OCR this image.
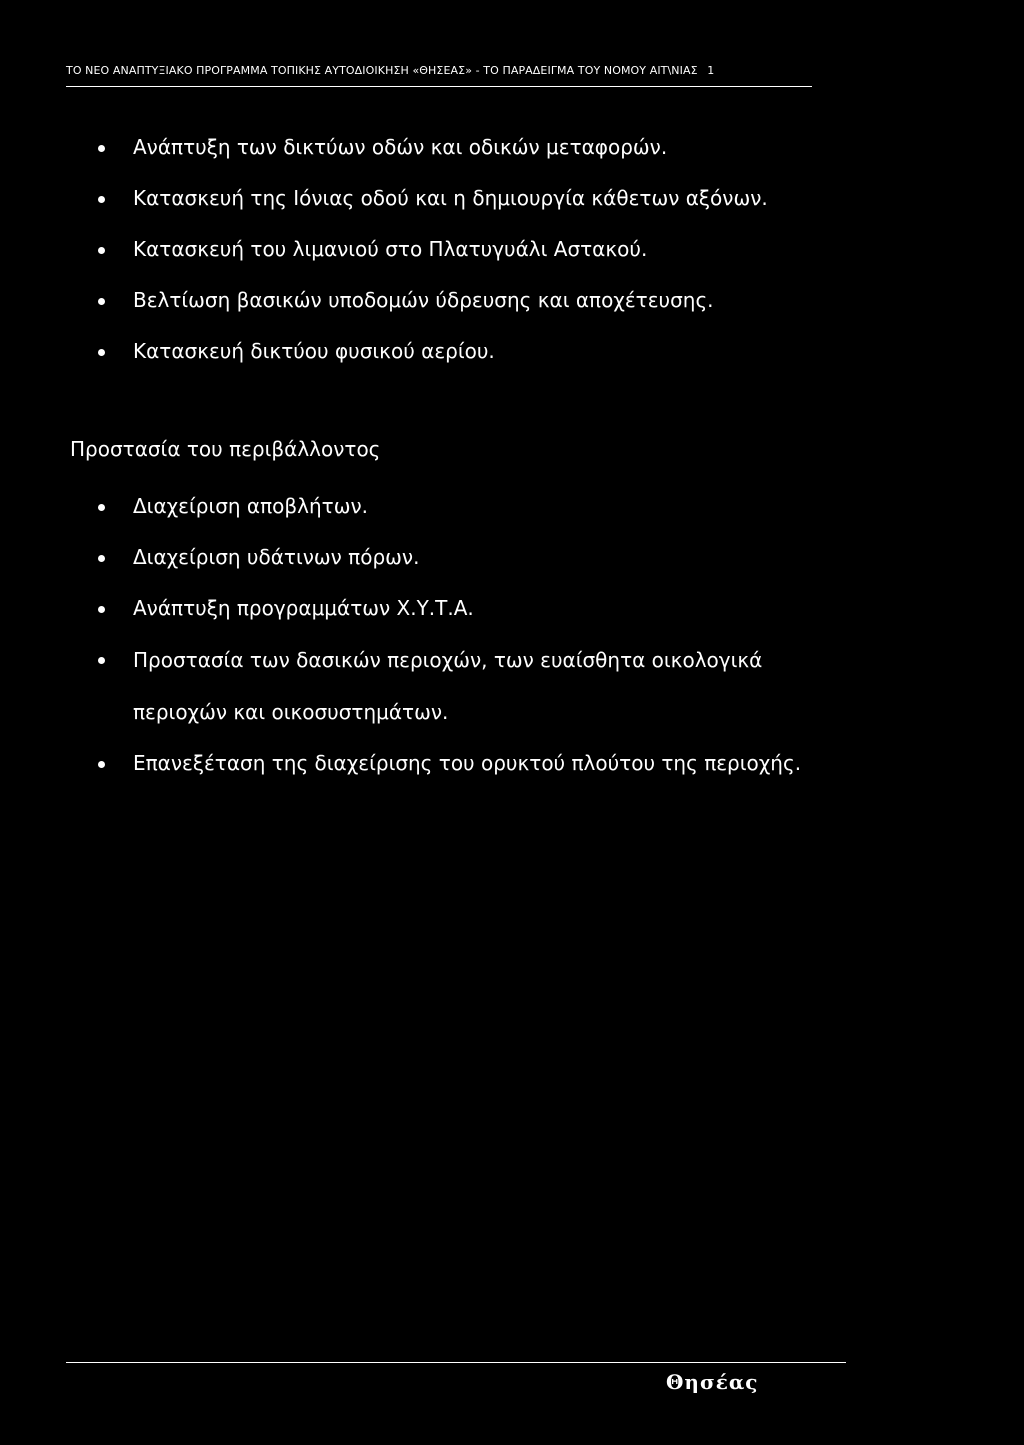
ΤΟ ΝΕΟ ΑΝΑΠΤΥΞΙΑΚΟ ΠΡΟΓΡΑΜΜΑ ΤΟΠΙΚΗΣ ΑΥΤΟΔΙΟΙΚΗΣΗ «ΘΗΣΕΑΣ» - ΤΟ ΠΑΡΑΔΕΙΓΜΑ ΤΟΥ ΝΟΜΟΥ ΑΙΤ\ΝΙΑΣ 1
Ανάπτυξη των δικτύων οδών και οδικών μεταφορών.
Κατασκευή της Ιόνιας οδού και η δημιουργία κάθετων αξόνων.
Κατασκευή του λιμανιού στο Πλατυγυάλι Αστακού.
Βελτίωση βασικών υποδομών ύδρευσης και αποχέτευσης.
Κατασκευή δικτύου φυσικού αερίου.
Προστασία του περιβάλλοντος
Διαχείριση αποβλήτων.
Διαχείριση υδάτινων πόρων.
Ανάπτυξη προγραμμάτων Χ.Υ.Τ.Α.
Προστασία των δασικών περιοχών, των ευαίσθητα οικολογικά περιοχών και οικοσυστημάτων.
Επανεξέταση της διαχείρισης του ορυκτού πλούτου της περιοχής.
Θησέας
